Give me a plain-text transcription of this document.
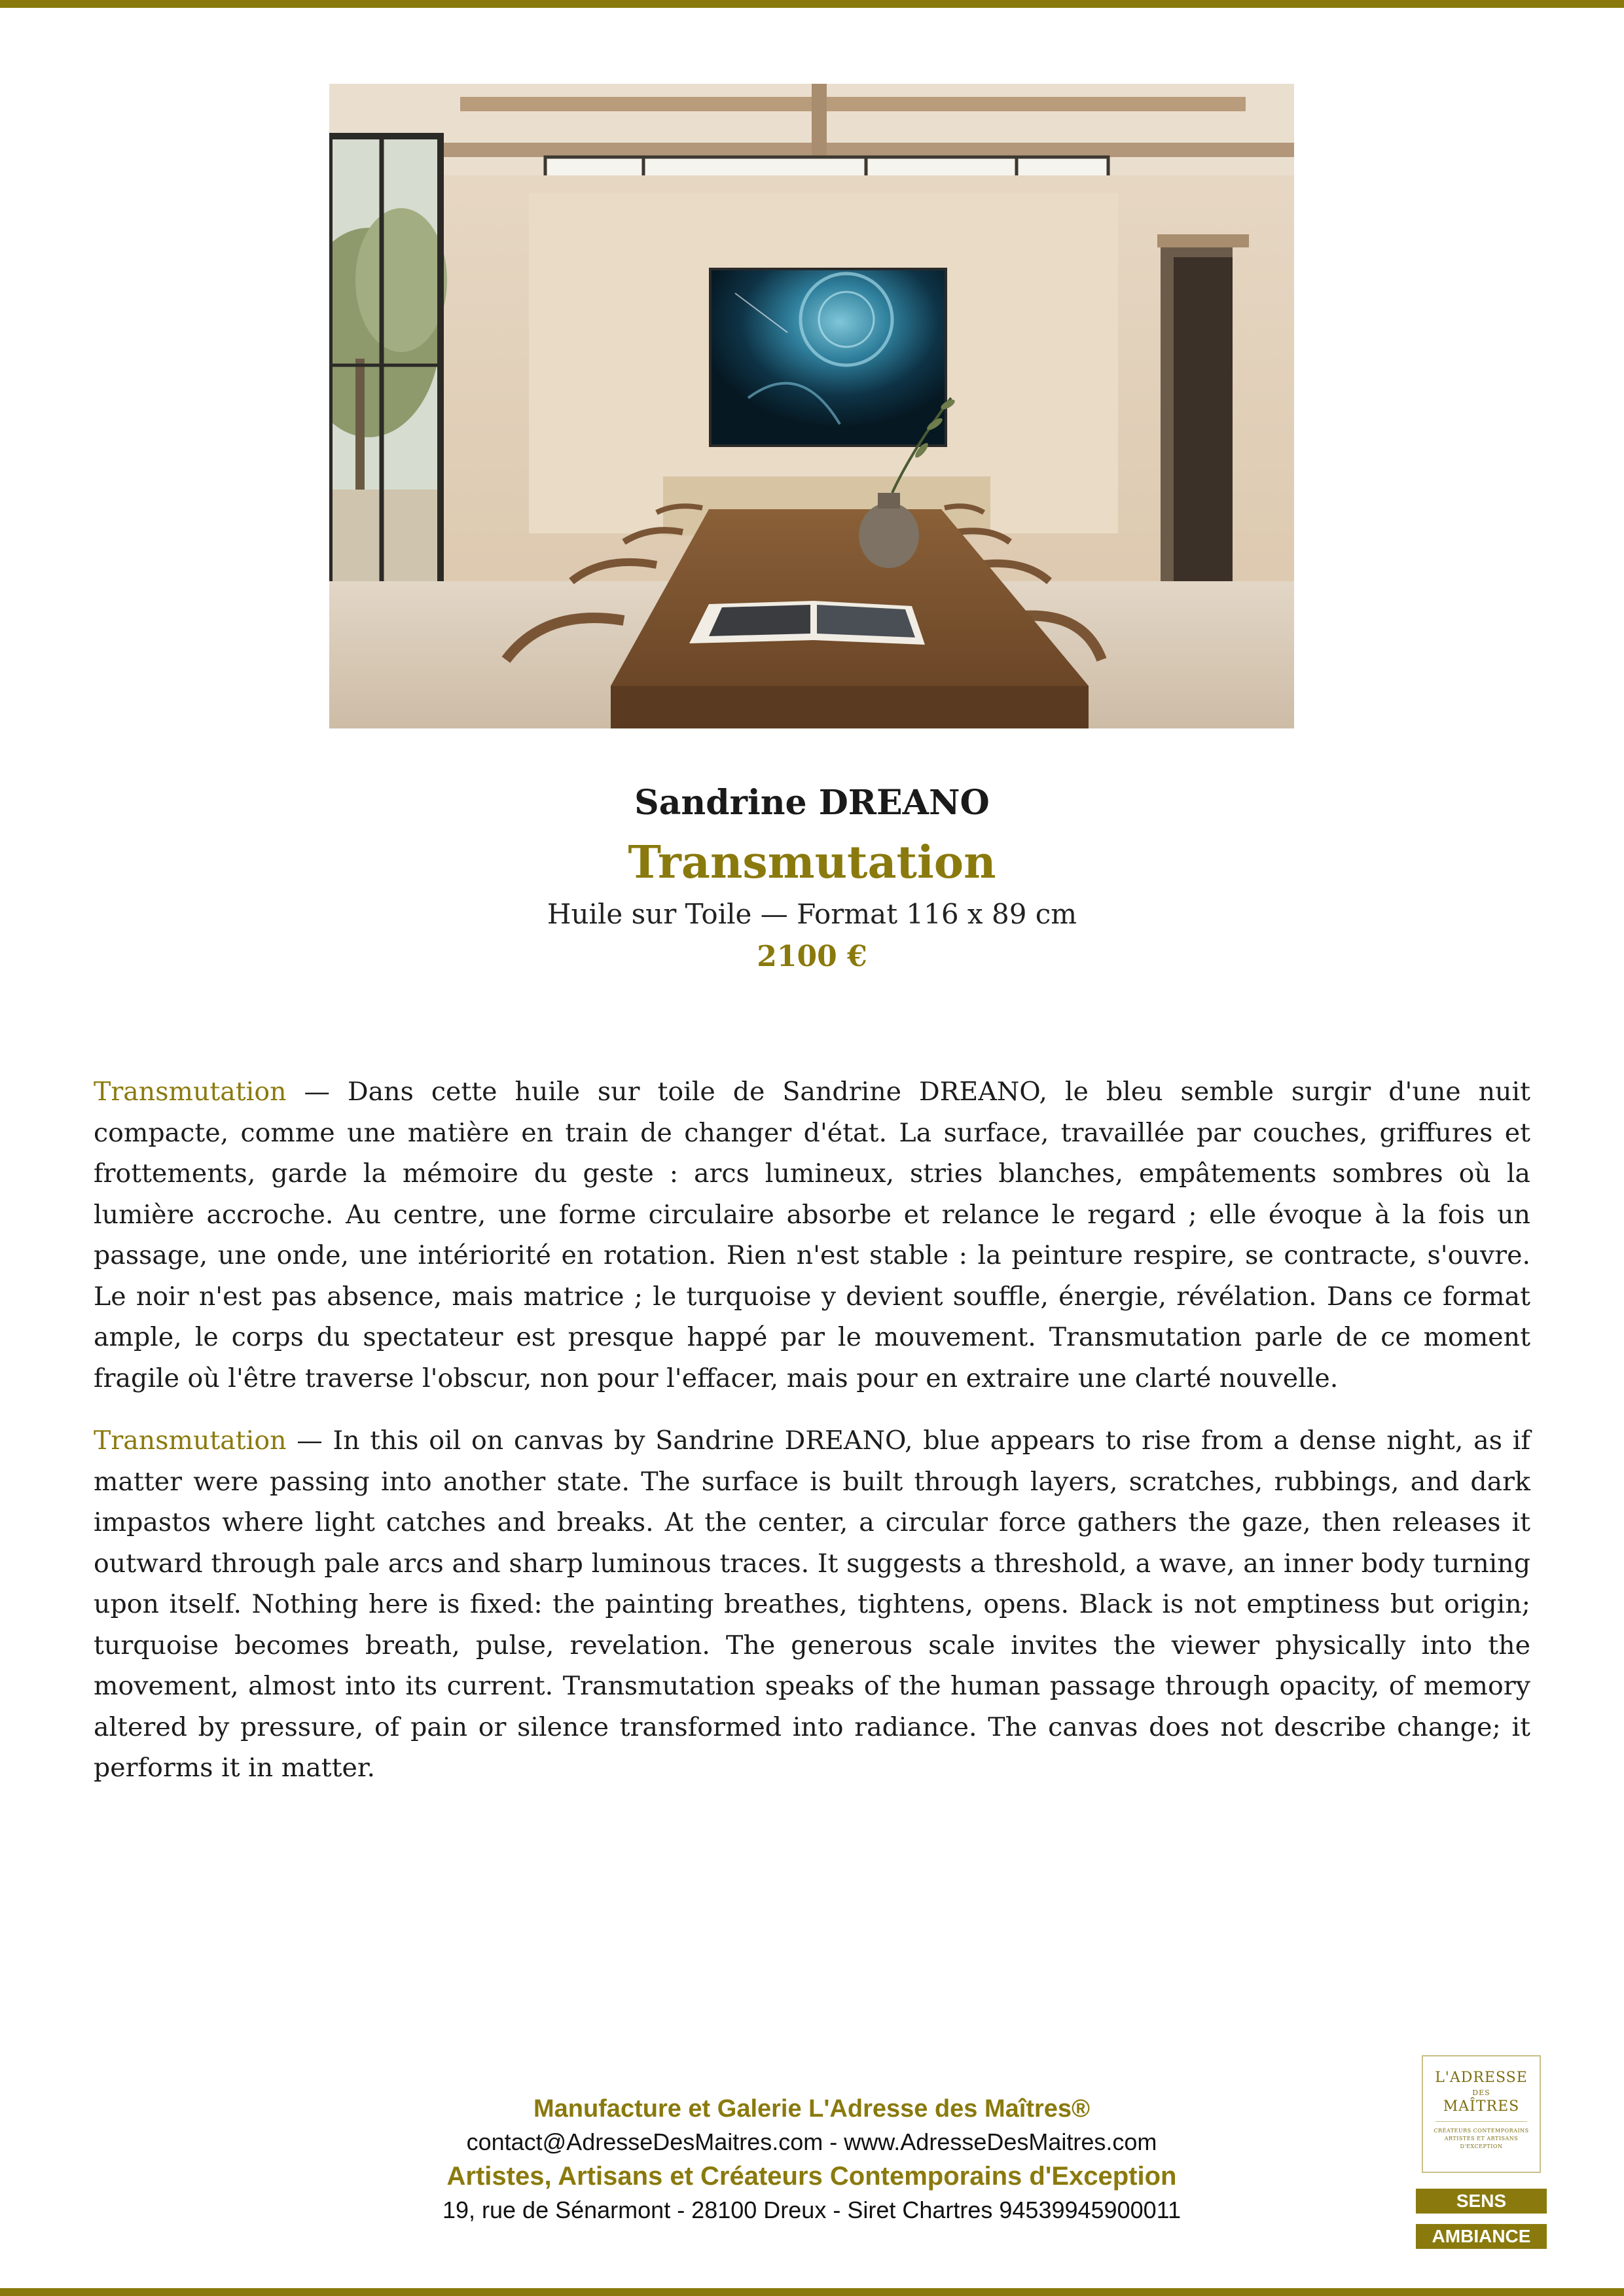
Sandrine DREANO
Transmutation
Huile sur Toile — Format 116 x 89 cm
2100 €
Transmutation — Dans cette huile sur toile de Sandrine DREANO, le bleu semble surgir d'une nuit compacte, comme une matière en train de changer d'état. La surface, travaillée par couches, griffures et frottements, garde la mémoire du geste : arcs lumineux, stries blanches, empâtements sombres où la lumière accroche. Au centre, une forme circulaire absorbe et relance le regard ; elle évoque à la fois un passage, une onde, une intériorité en rotation. Rien n'est stable : la peinture respire, se contracte, s'ouvre. Le noir n'est pas absence, mais matrice ; le turquoise y devient souffle, énergie, révélation. Dans ce format ample, le corps du spectateur est presque happé par le mouvement. Transmutation parle de ce moment fragile où l'être traverse l'obscur, non pour l'effacer, mais pour en extraire une clarté nouvelle.
Transmutation — In this oil on canvas by Sandrine DREANO, blue appears to rise from a dense night, as if matter were passing into another state. The surface is built through layers, scratches, rubbings, and dark impastos where light catches and breaks. At the center, a circular force gathers the gaze, then releases it outward through pale arcs and sharp luminous traces. It suggests a threshold, a wave, an inner body turning upon itself. Nothing here is fixed: the painting breathes, tightens, opens. Black is not emptiness but origin; turquoise becomes breath, pulse, revelation. The generous scale invites the viewer physically into the movement, almost into its current. Transmutation speaks of the human passage through opacity, of memory altered by pressure, of pain or silence transformed into radiance. The canvas does not describe change; it performs it in matter.
Manufacture et Galerie L'Adresse des Maîtres®
contact@AdresseDesMaitres.com - www.AdresseDesMaitres.com
Artistes, Artisans et Créateurs Contemporains d'Exception
19, rue de Sénarmont - 28100 Dreux - Siret Chartres 94539945900011
L'ADRESSE
DES
MAÎTRES
CRÉATEURS CONTEMPORAINS ARTISTES ET ARTISANS D'EXCEPTION
SENS
AMBIANCE
